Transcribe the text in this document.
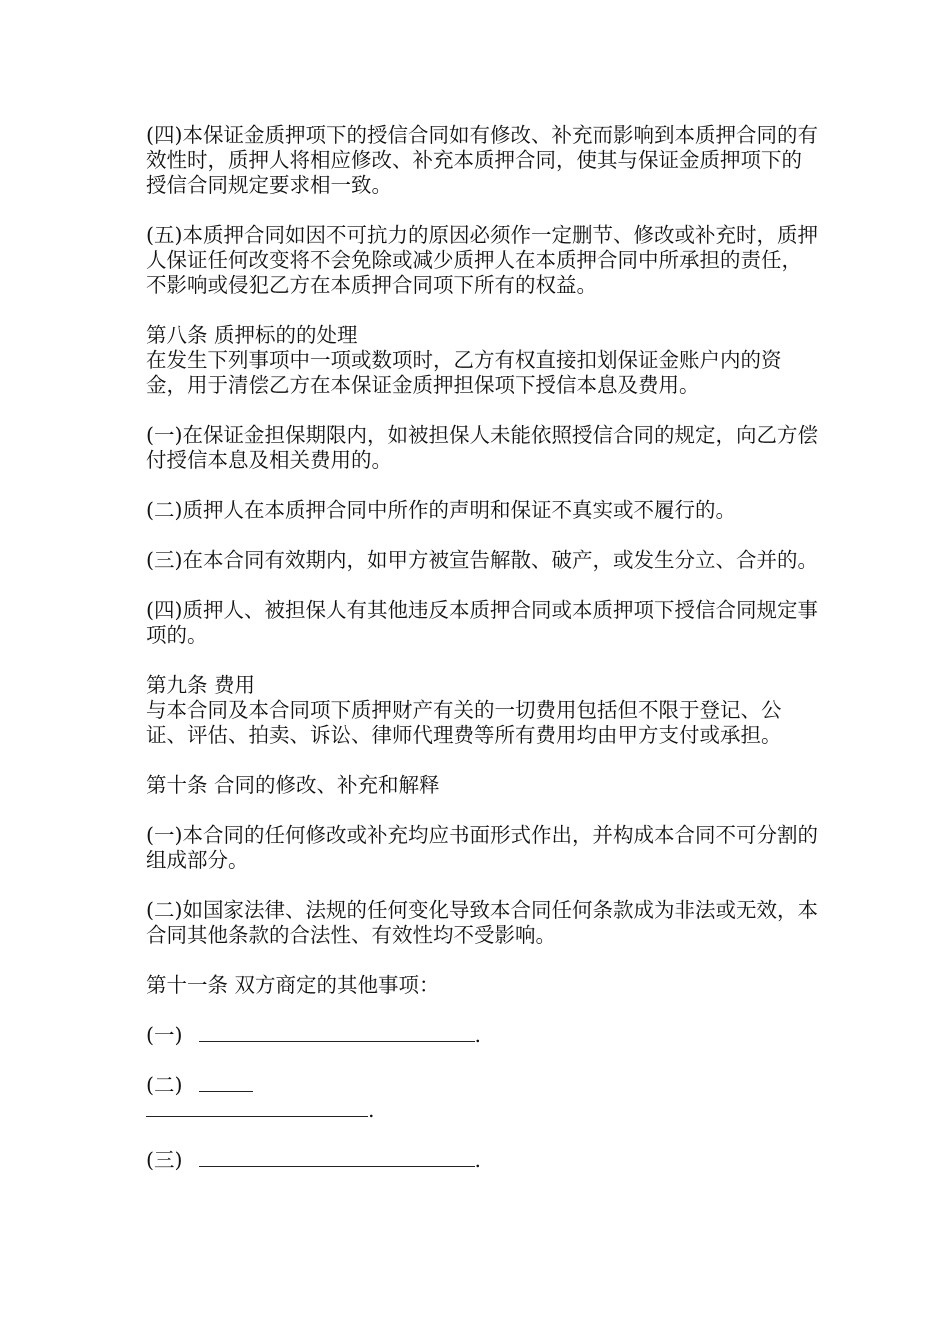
(四)本保证金质押项下的授信合同如有修改、补充而影响到本质押合同的有效性时，质押人将相应修改、补充本质押合同，使其与保证金质押项下的授信合同规定要求相一致。

(五)本质押合同如因不可抗力的原因必须作一定删节、修改或补充时，质押人保证任何改变将不会免除或减少质押人在本质押合同中所承担的责任，不影响或侵犯乙方在本质押合同项下所有的权益。

第八条 质押标的的处理

在发生下列事项中一项或数项时，乙方有权直接扣划保证金账户内的资金，用于清偿乙方在本保证金质押担保项下授信本息及费用。

(一)在保证金担保期限内，如被担保人未能依照授信合同的规定，向乙方偿付授信本息及相关费用的。

(二)质押人在本质押合同中所作的声明和保证不真实或不履行的。

(三)在本合同有效期内，如甲方被宣告解散、破产，或发生分立、合并的。

(四)质押人、被担保人有其他违反本质押合同或本质押项下授信合同规定事项的。

第九条 费用

与本合同及本合同项下质押财产有关的一切费用包括但不限于登记、公证、评估、拍卖、诉讼、律师代理费等所有费用均由甲方支付或承担。

第十条 合同的修改、补充和解释

(一)本合同的任何修改或补充均应书面形式作出，并构成本合同不可分割的组成部分。

(二)如国家法律、法规的任何变化导致本合同任何条款成为非法或无效，本合同其他条款的合法性、有效性均不受影响。

第十一条 双方商定的其他事项：

(一)	.
(二)
.
(三)	.
